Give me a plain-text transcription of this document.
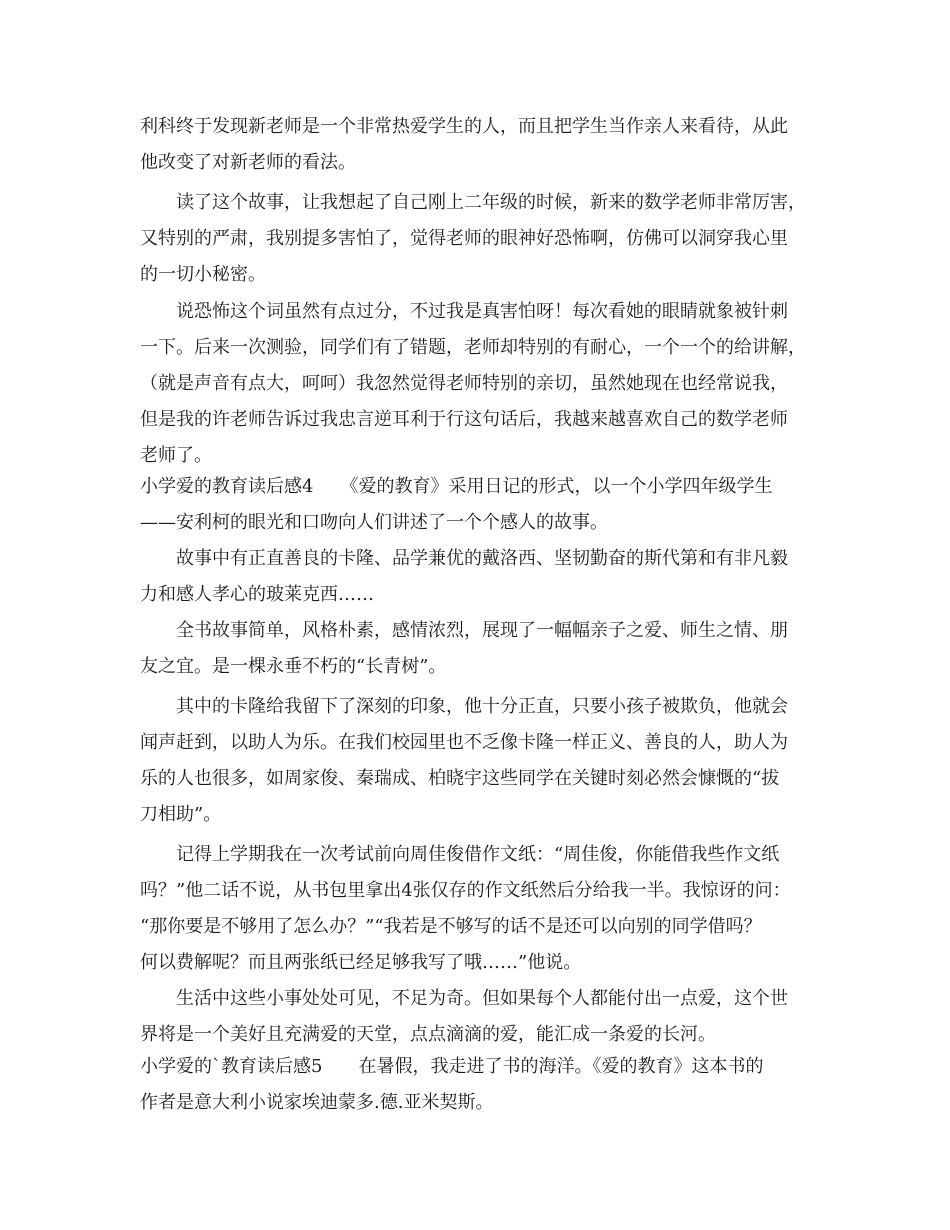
利科终于发现新老师是一个非常热爱学生的人，而且把学生当作亲人来看待，从此
他改变了对新老师的看法。
读了这个故事，让我想起了自己刚上二年级的时候，新来的数学老师非常厉害，
又特别的严肃，我别提多害怕了，觉得老师的眼神好恐怖啊，仿佛可以洞穿我心里
的一切小秘密。
说恐怖这个词虽然有点过分，不过我是真害怕呀！每次看她的眼睛就象被针刺
一下。后来一次测验，同学们有了错题，老师却特别的有耐心，一个一个的给讲解，
（就是声音有点大，呵呵）我忽然觉得老师特别的亲切，虽然她现在也经常说我，
但是我的许老师告诉过我忠言逆耳利于行这句话后，我越来越喜欢自己的数学老师
老师了。
小学爱的教育读后感4　　《爱的教育》采用日记的形式，以一个小学四年级学生
——安利柯的眼光和口吻向人们讲述了一个个感人的故事。
故事中有正直善良的卡隆、品学兼优的戴洛西、坚韧勤奋的斯代第和有非凡毅
力和感人孝心的玻莱克西……
全书故事简单，风格朴素，感情浓烈，展现了一幅幅亲子之爱、师生之情、朋
友之宜。是一棵永垂不朽的“长青树”。
其中的卡隆给我留下了深刻的印象，他十分正直，只要小孩子被欺负，他就会
闻声赶到，以助人为乐。在我们校园里也不乏像卡隆一样正义、善良的人，助人为
乐的人也很多，如周家俊、秦瑞成、柏晓宇这些同学在关键时刻必然会慷慨的“拔
刀相助”。
记得上学期我在一次考试前向周佳俊借作文纸：“周佳俊，你能借我些作文纸
吗？”他二话不说，从书包里拿出4张仅存的作文纸然后分给我一半。我惊讶的问：
“那你要是不够用了怎么办？”“我若是不够写的话不是还可以向别的同学借吗？
何以费解呢？而且两张纸已经足够我写了哦……”他说。
生活中这些小事处处可见，不足为奇。但如果每个人都能付出一点爱，这个世
界将是一个美好且充满爱的天堂，点点滴滴的爱，能汇成一条爱的长河。
小学爱的`教育读后感5　　在暑假，我走进了书的海洋。《爱的教育》这本书的
作者是意大利小说家埃迪蒙多.德.亚米契斯。
